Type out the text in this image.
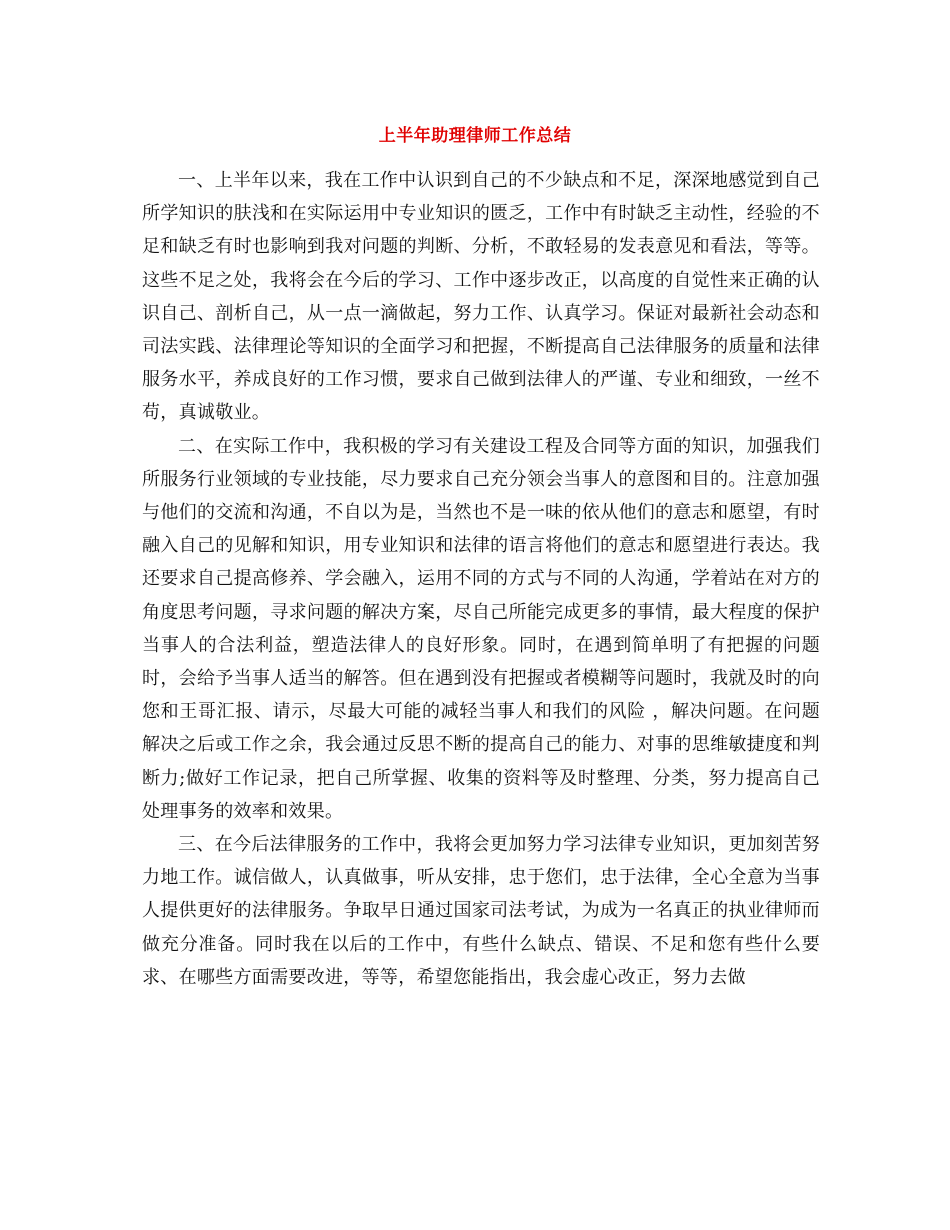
上半年助理律师工作总结

一、上半年以来，我在工作中认识到自己的不少缺点和不足，深深地感觉到自己所学知识的肤浅和在实际运用中专业知识的匮乏，工作中有时缺乏主动性，经验的不足和缺乏有时也影响到我对问题的判断、分析，不敢轻易的发表意见和看法，等等。这些不足之处，我将会在今后的学习、工作中逐步改正，以高度的自觉性来正确的认识自己、剖析自己，从一点一滴做起，努力工作、认真学习。保证对最新社会动态和司法实践、法律理论等知识的全面学习和把握，不断提高自己法律服务的质量和法律服务水平，养成良好的工作习惯，要求自己做到法律人的严谨、专业和细致，一丝不苟，真诚敬业。

二、在实际工作中，我积极的学习有关建设工程及合同等方面的知识，加强我们所服务行业领域的专业技能，尽力要求自己充分领会当事人的意图和目的。注意加强与他们的交流和沟通，不自以为是，当然也不是一味的依从他们的意志和愿望，有时融入自己的见解和知识，用专业知识和法律的语言将他们的意志和愿望进行表达。我还要求自己提高修养、学会融入，运用不同的方式与不同的人沟通，学着站在对方的角度思考问题，寻求问题的解决方案，尽自己所能完成更多的事情，最大程度的保护当事人的合法利益，塑造法律人的良好形象。同时，在遇到简单明了有把握的问题时，会给予当事人适当的解答。但在遇到没有把握或者模糊等问题时，我就及时的向您和王哥汇报、请示，尽最大可能的减轻当事人和我们的风险 ，解决问题。在问题解决之后或工作之余，我会通过反思不断的提高自己的能力、对事的思维敏捷度和判断力;做好工作记录，把自己所掌握、收集的资料等及时整理、分类，努力提高自己处理事务的效率和效果。

三、在今后法律服务的工作中，我将会更加努力学习法律专业知识，更加刻苦努力地工作。诚信做人，认真做事，听从安排，忠于您们，忠于法律，全心全意为当事人提供更好的法律服务。争取早日通过国家司法考试，为成为一名真正的执业律师而做充分准备。同时我在以后的工作中，有些什么缺点、错误、不足和您有些什么要求、在哪些方面需要改进，等等，希望您能指出，我会虚心改正，努力去做
